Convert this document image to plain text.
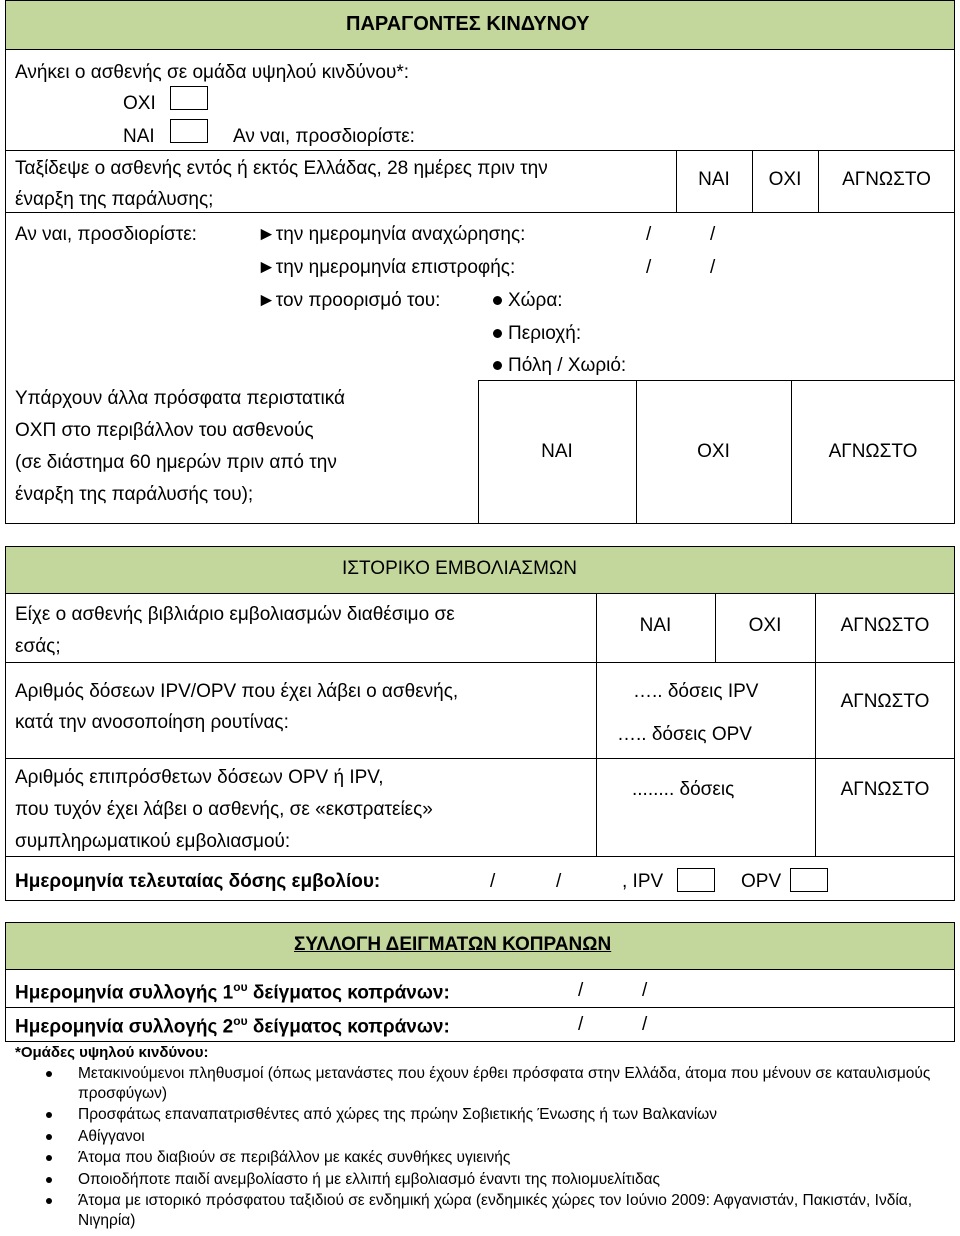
ΠΑΡΑΓΟΝΤΕΣ ΚΙΝΔΥΝΟΥ
Ανήκει ο ασθενής σε ομάδα υψηλού κινδύνου*:
ΟΧΙ
ΝΑΙ	Αν ναι, προσδιορίστε:
Ταξίδεψε ο ασθενής εντός ή εκτός Ελλάδας, 28 ημέρες πριν την
έναρξη της παράλυσης;
ΝΑΙ	ΟΧΙ	ΑΓΝΩΣΤΟ
Αν ναι, προσδιορίστε:	►την ημερομηνία αναχώρησης:	/	/
►την ημερομηνία επιστροφής:	/	/
►τον προορισμό του:	Χώρα:
Περιοχή:
Πόλη / Χωριό:
Υπάρχουν άλλα πρόσφατα περιστατικά
ΟΧΠ στο περιβάλλον του ασθενούς
(σε διάστημα 60 ημερών πριν από την
έναρξη της παράλυσής του);
ΝΑΙ	ΟΧΙ	ΑΓΝΩΣΤΟ
ΙΣΤΟΡΙΚΟ ΕΜΒΟΛΙΑΣΜΩΝ
Είχε ο ασθενής βιβλιάριο εμβολιασμών διαθέσιμο σε
εσάς;
ΝΑΙ	ΟΧΙ	ΑΓΝΩΣΤΟ
Αριθμός δόσεων IPV/OPV που έχει λάβει ο ασθενής,
κατά την ανοσοποίηση ρουτίνας:
….. δόσεις IPV
….. δόσεις OPV
ΑΓΝΩΣΤΟ
Αριθμός επιπρόσθετων δόσεων OPV ή IPV,
που τυχόν έχει λάβει ο ασθενής, σε «εκστρατείες»
συμπληρωματικού εμβολιασμού:
........ δόσεις	ΑΓΝΩΣΤΟ
Ημερομηνία τελευταίας δόσης εμβολίου:	/	/	, IPV	OPV
ΣΥΛΛΟΓΗ ΔΕΙΓΜΑΤΩΝ ΚΟΠΡΑΝΩΝ
Ημερομηνία συλλογής $1^{o\upsilon}$ δείγματος κοπράνων:	/	/
Ημερομηνία συλλογής $2^{o\upsilon}$ δείγματος κοπράνων:	/	/
*Ομάδες υψηλού κινδύνου:
Μετακινούμενοι πληθυσμοί (όπως μετανάστες που έχουν έρθει πρόσφατα στην Ελλάδα, άτομα που μένουν σε καταυλισμούς προσφύγων)
Προσφάτως επαναπατρισθέντες από χώρες της πρώην Σοβιετικής Ένωσης ή των Βαλκανίων
Αθίγγανοι
Άτομα που διαβιούν σε περιβάλλον με κακές συνθήκες υγιεινής
Οποιοδήποτε παιδί ανεμβολίαστο ή με ελλιπή εμβολιασμό έναντι της πολιομυελίτιδας
Άτομα με ιστορικό πρόσφατου ταξιδιού σε ενδημική χώρα (ενδημικές χώρες τον Ιούνιο 2009: Αφγανιστάν, Πακιστάν, Ινδία, Νιγηρία)
